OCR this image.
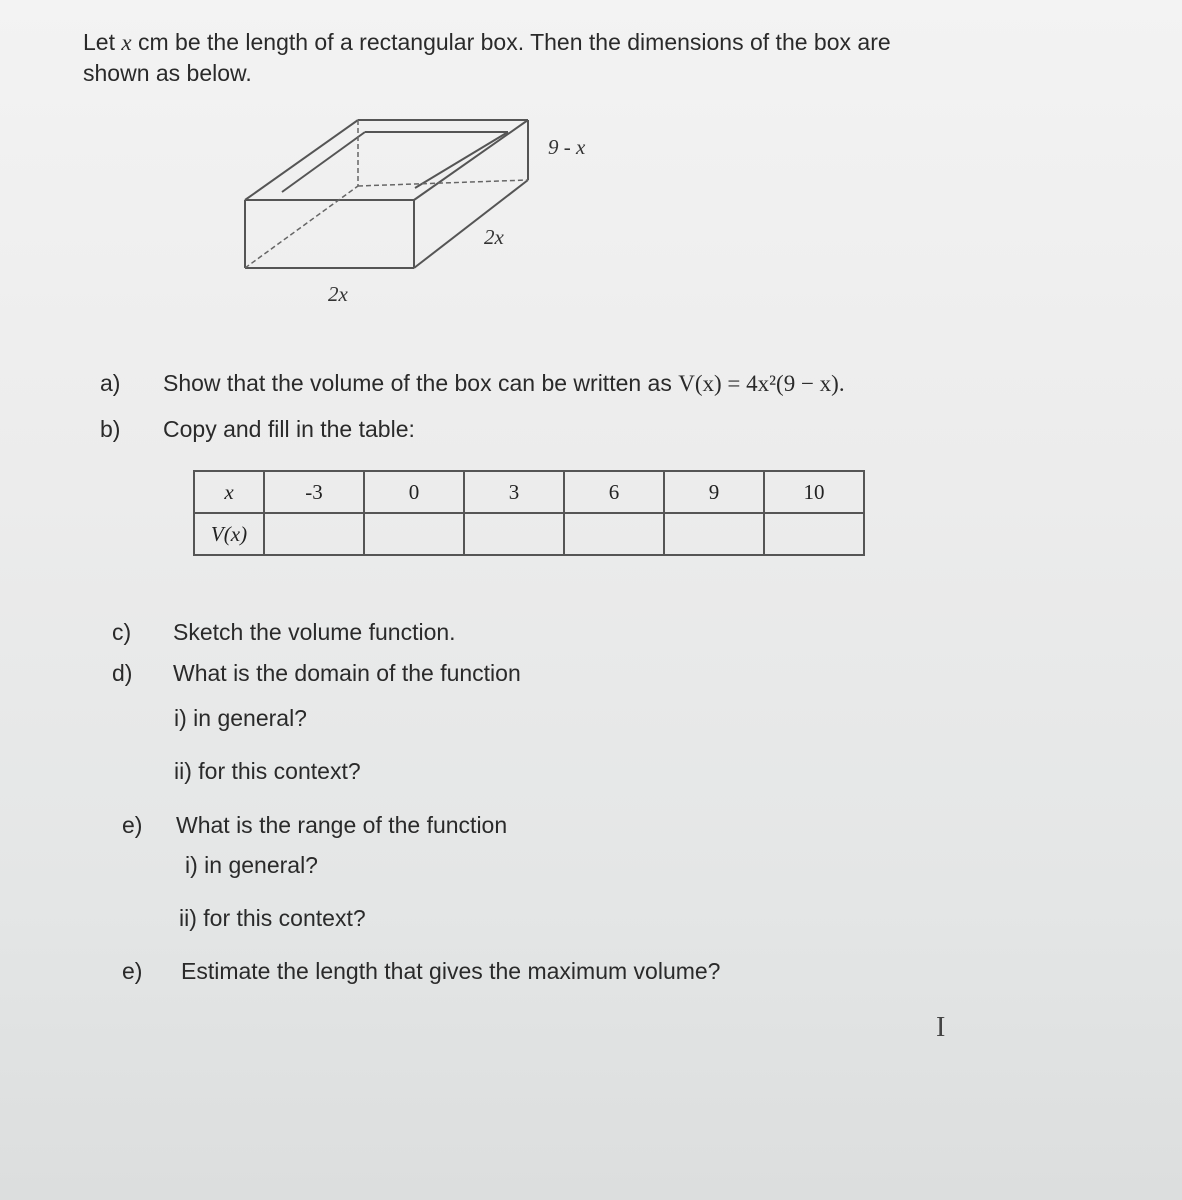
Let x cm be the length of a rectangular box. Then the dimensions of the box are
shown as below.
9 - x
2x
2x
a) Show that the volume of the box can be written as V(x) = 4x²(9 − x).
b) Copy and fill in the table:
x	-3	0	3	6	9	10
V(x)						
c) Sketch the volume function.
d) What is the domain of the function
i) in general?
ii) for this context?
e) What is the range of the function
i) in general?
ii) for this context?
e) Estimate the length that gives the maximum volume?
I
